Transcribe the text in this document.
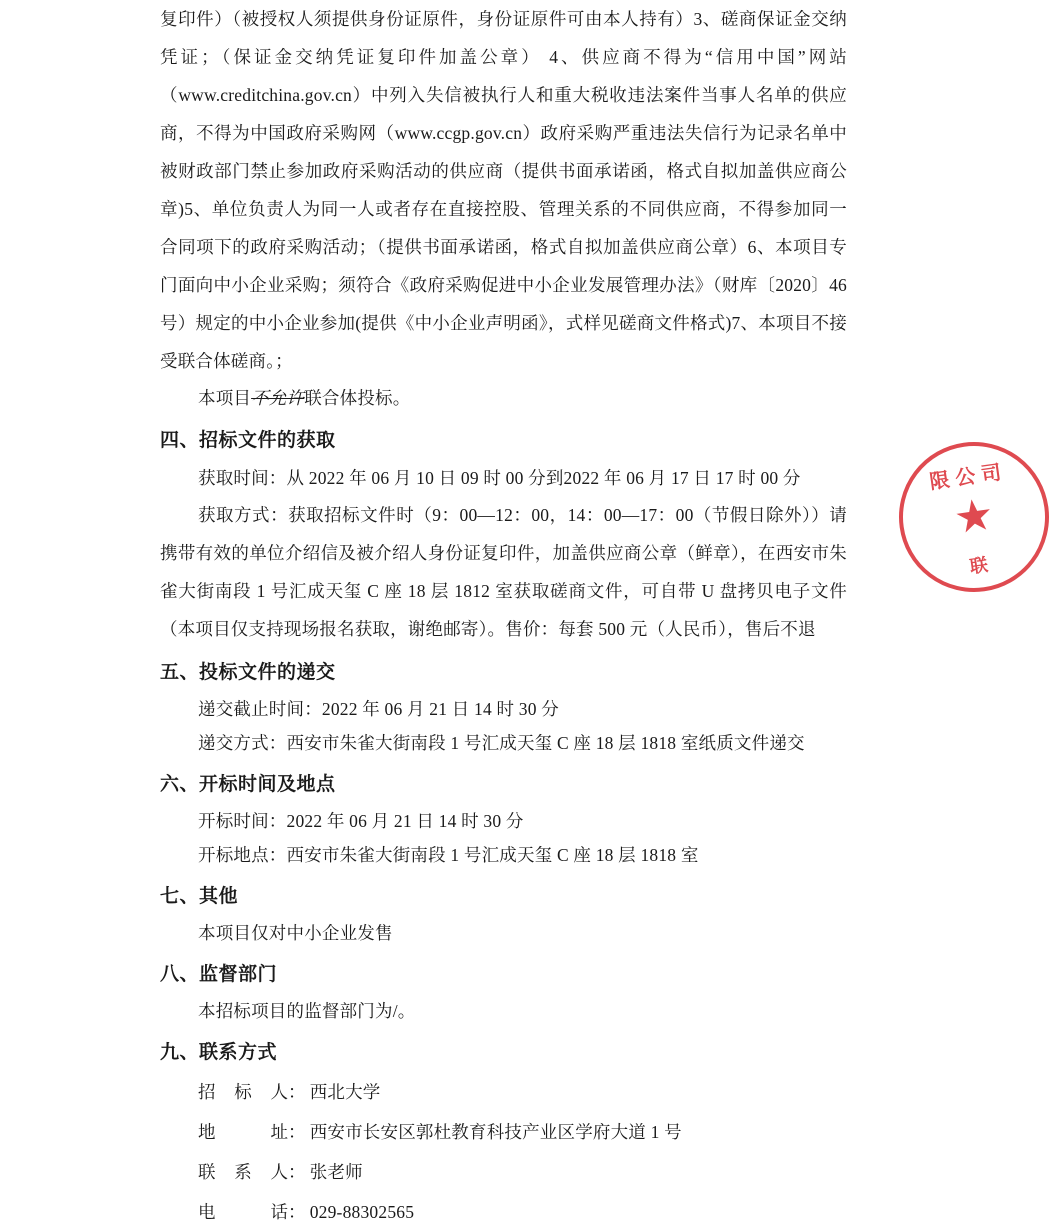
复印件）（被授权人须提供身份证原件，身份证原件可由本人持有）3、磋商保证金交纳凭证；（保证金交纳凭证复印件加盖公章） 4、供应商不得为“信用中国”网站（www.creditchina.gov.cn）中列入失信被执行人和重大税收违法案件当事人名单的供应商，不得为中国政府采购网（www.ccgp.gov.cn）政府采购严重违法失信行为记录名单中被财政部门禁止参加政府采购活动的供应商（提供书面承诺函，格式自拟加盖供应商公章)5、单位负责人为同一人或者存在直接控股、管理关系的不同供应商，不得参加同一合同项下的政府采购活动；（提供书面承诺函，格式自拟加盖供应商公章）6、本项目专门面向中小企业采购；须符合《政府采购促进中小企业发展管理办法》（财库〔2020〕46 号）规定的中小企业参加(提供《中小企业声明函》，式样见磋商文件格式)7、本项目不接受联合体磋商。；

本项目不允许联合体投标。

四、招标文件的获取

获取时间：从 2022 年 06 月 10 日 09 时 00 分到2022 年 06 月 17 日 17 时 00 分

获取方式：获取招标文件时（9：00—12：00，14：00—17：00（节假日除外））请携带有效的单位介绍信及被介绍人身份证复印件，加盖供应商公章（鲜章），在西安市朱雀大街南段 1 号汇成天玺 C 座 18 层 1812 室获取磋商文件，可自带 U 盘拷贝电子文件（本项目仅支持现场报名获取，谢绝邮寄）。售价：每套 500 元（人民币），售后不退

五、投标文件的递交

递交截止时间：2022 年 06 月 21 日 14 时 30 分

递交方式：西安市朱雀大街南段 1 号汇成天玺 C 座 18 层 1818 室纸质文件递交

六、开标时间及地点

开标时间：2022 年 06 月 21 日 14 时 30 分

开标地点：西安市朱雀大街南段 1 号汇成天玺 C 座 18 层 1818 室

七、其他

本项目仅对中小企业发售

八、监督部门

本招标项目的监督部门为/。

九、联系方式
招 标 人 ： 西北大学
地	址 ： 西安市长安区郭杜教育科技产业区学府大道 1 号
联 系 人 ： 张老师
电	话 ： 029-88302565
限公司
★
联
